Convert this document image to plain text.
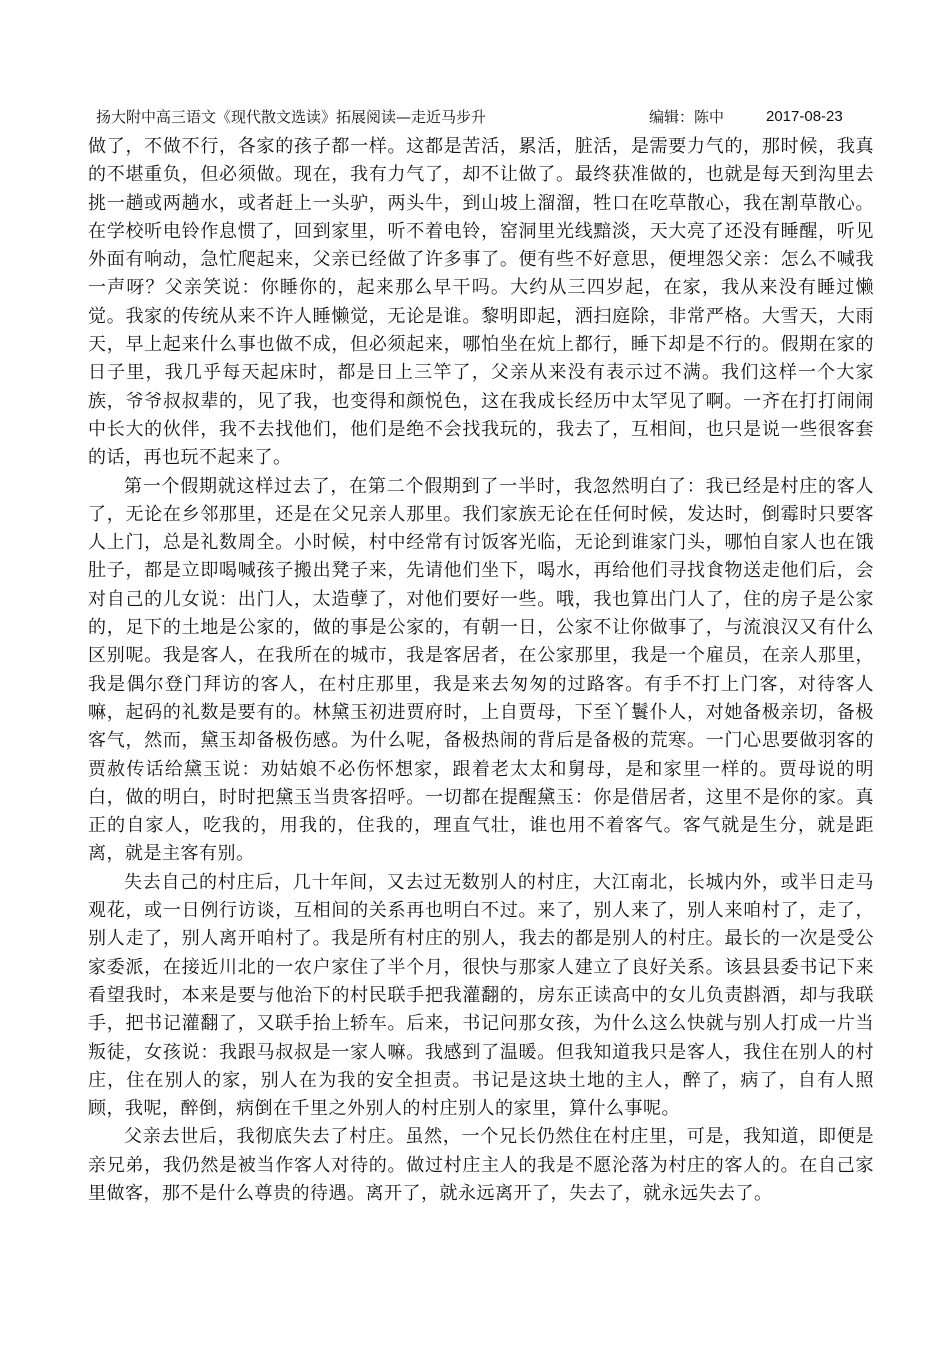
扬大附中高三语文《现代散文选读》拓展阅读—走近马步升	编辑：陈中	2017-08-23

做了，不做不行，各家的孩子都一样。这都是苦活，累活，脏活，是需要力气的，那时候，我真的不堪重负，但必须做。现在，我有力气了，却不让做了。最终获准做的，也就是每天到沟里去挑一趟或两趟水，或者赶上一头驴，两头牛，到山坡上溜溜，牲口在吃草散心，我在割草散心。在学校听电铃作息惯了，回到家里，听不着电铃，窑洞里光线黯淡，天大亮了还没有睡醒，听见外面有响动，急忙爬起来，父亲已经做了许多事了。便有些不好意思，便埋怨父亲：怎么不喊我一声呀？父亲笑说：你睡你的，起来那么早干吗。大约从三四岁起，在家，我从来没有睡过懒觉。我家的传统从来不许人睡懒觉，无论是谁。黎明即起，洒扫庭除，非常严格。大雪天，大雨天，早上起来什么事也做不成，但必须起来，哪怕坐在炕上都行，睡下却是不行的。假期在家的日子里，我几乎每天起床时，都是日上三竿了，父亲从来没有表示过不满。我们这样一个大家族，爷爷叔叔辈的，见了我，也变得和颜悦色，这在我成长经历中太罕见了啊。一齐在打打闹闹中长大的伙伴，我不去找他们，他们是绝不会找我玩的，我去了，互相间，也只是说一些很客套的话，再也玩不起来了。

第一个假期就这样过去了，在第二个假期到了一半时，我忽然明白了：我已经是村庄的客人了，无论在乡邻那里，还是在父兄亲人那里。我们家族无论在任何时候，发达时，倒霉时只要客人上门，总是礼数周全。小时候，村中经常有讨饭客光临，无论到谁家门头，哪怕自家人也在饿肚子，都是立即喝喊孩子搬出凳子来，先请他们坐下，喝水，再给他们寻找食物送走他们后，会对自己的儿女说：出门人，太造孽了，对他们要好一些。哦，我也算出门人了，住的房子是公家的，足下的土地是公家的，做的事是公家的，有朝一日，公家不让你做事了，与流浪汉又有什么区别呢。我是客人，在我所在的城市，我是客居者，在公家那里，我是一个雇员，在亲人那里，我是偶尔登门拜访的客人，在村庄那里，我是来去匆匆的过路客。有手不打上门客，对待客人嘛，起码的礼数是要有的。林黛玉初进贾府时，上自贾母，下至丫鬟仆人，对她备极亲切，备极客气，然而，黛玉却备极伤感。为什么呢，备极热闹的背后是备极的荒寒。一门心思要做羽客的贾赦传话给黛玉说：劝姑娘不必伤怀想家，跟着老太太和舅母，是和家里一样的。贾母说的明白，做的明白，时时把黛玉当贵客招呼。一切都在提醒黛玉：你是借居者，这里不是你的家。真正的自家人，吃我的，用我的，住我的，理直气壮，谁也用不着客气。客气就是生分，就是距离，就是主客有别。

失去自己的村庄后，几十年间，又去过无数别人的村庄，大江南北，长城内外，或半日走马观花，或一日例行访谈，互相间的关系再也明白不过。来了，别人来了，别人来咱村了，走了，别人走了，别人离开咱村了。我是所有村庄的别人，我去的都是别人的村庄。最长的一次是受公家委派，在接近川北的一农户家住了半个月，很快与那家人建立了良好关系。该县县委书记下来看望我时，本来是要与他治下的村民联手把我灌翻的，房东正读高中的女儿负责斟酒，却与我联手，把书记灌翻了，又联手抬上轿车。后来，书记问那女孩，为什么这么快就与别人打成一片当叛徒，女孩说：我跟马叔叔是一家人嘛。我感到了温暖。但我知道我只是客人，我住在别人的村庄，住在别人的家，别人在为我的安全担责。书记是这块土地的主人，醉了，病了，自有人照顾，我呢，醉倒，病倒在千里之外别人的村庄别人的家里，算什么事呢。

父亲去世后，我彻底失去了村庄。虽然，一个兄长仍然住在村庄里，可是，我知道，即便是亲兄弟，我仍然是被当作客人对待的。做过村庄主人的我是不愿沦落为村庄的客人的。在自己家里做客，那不是什么尊贵的待遇。离开了，就永远离开了，失去了，就永远失去了。
